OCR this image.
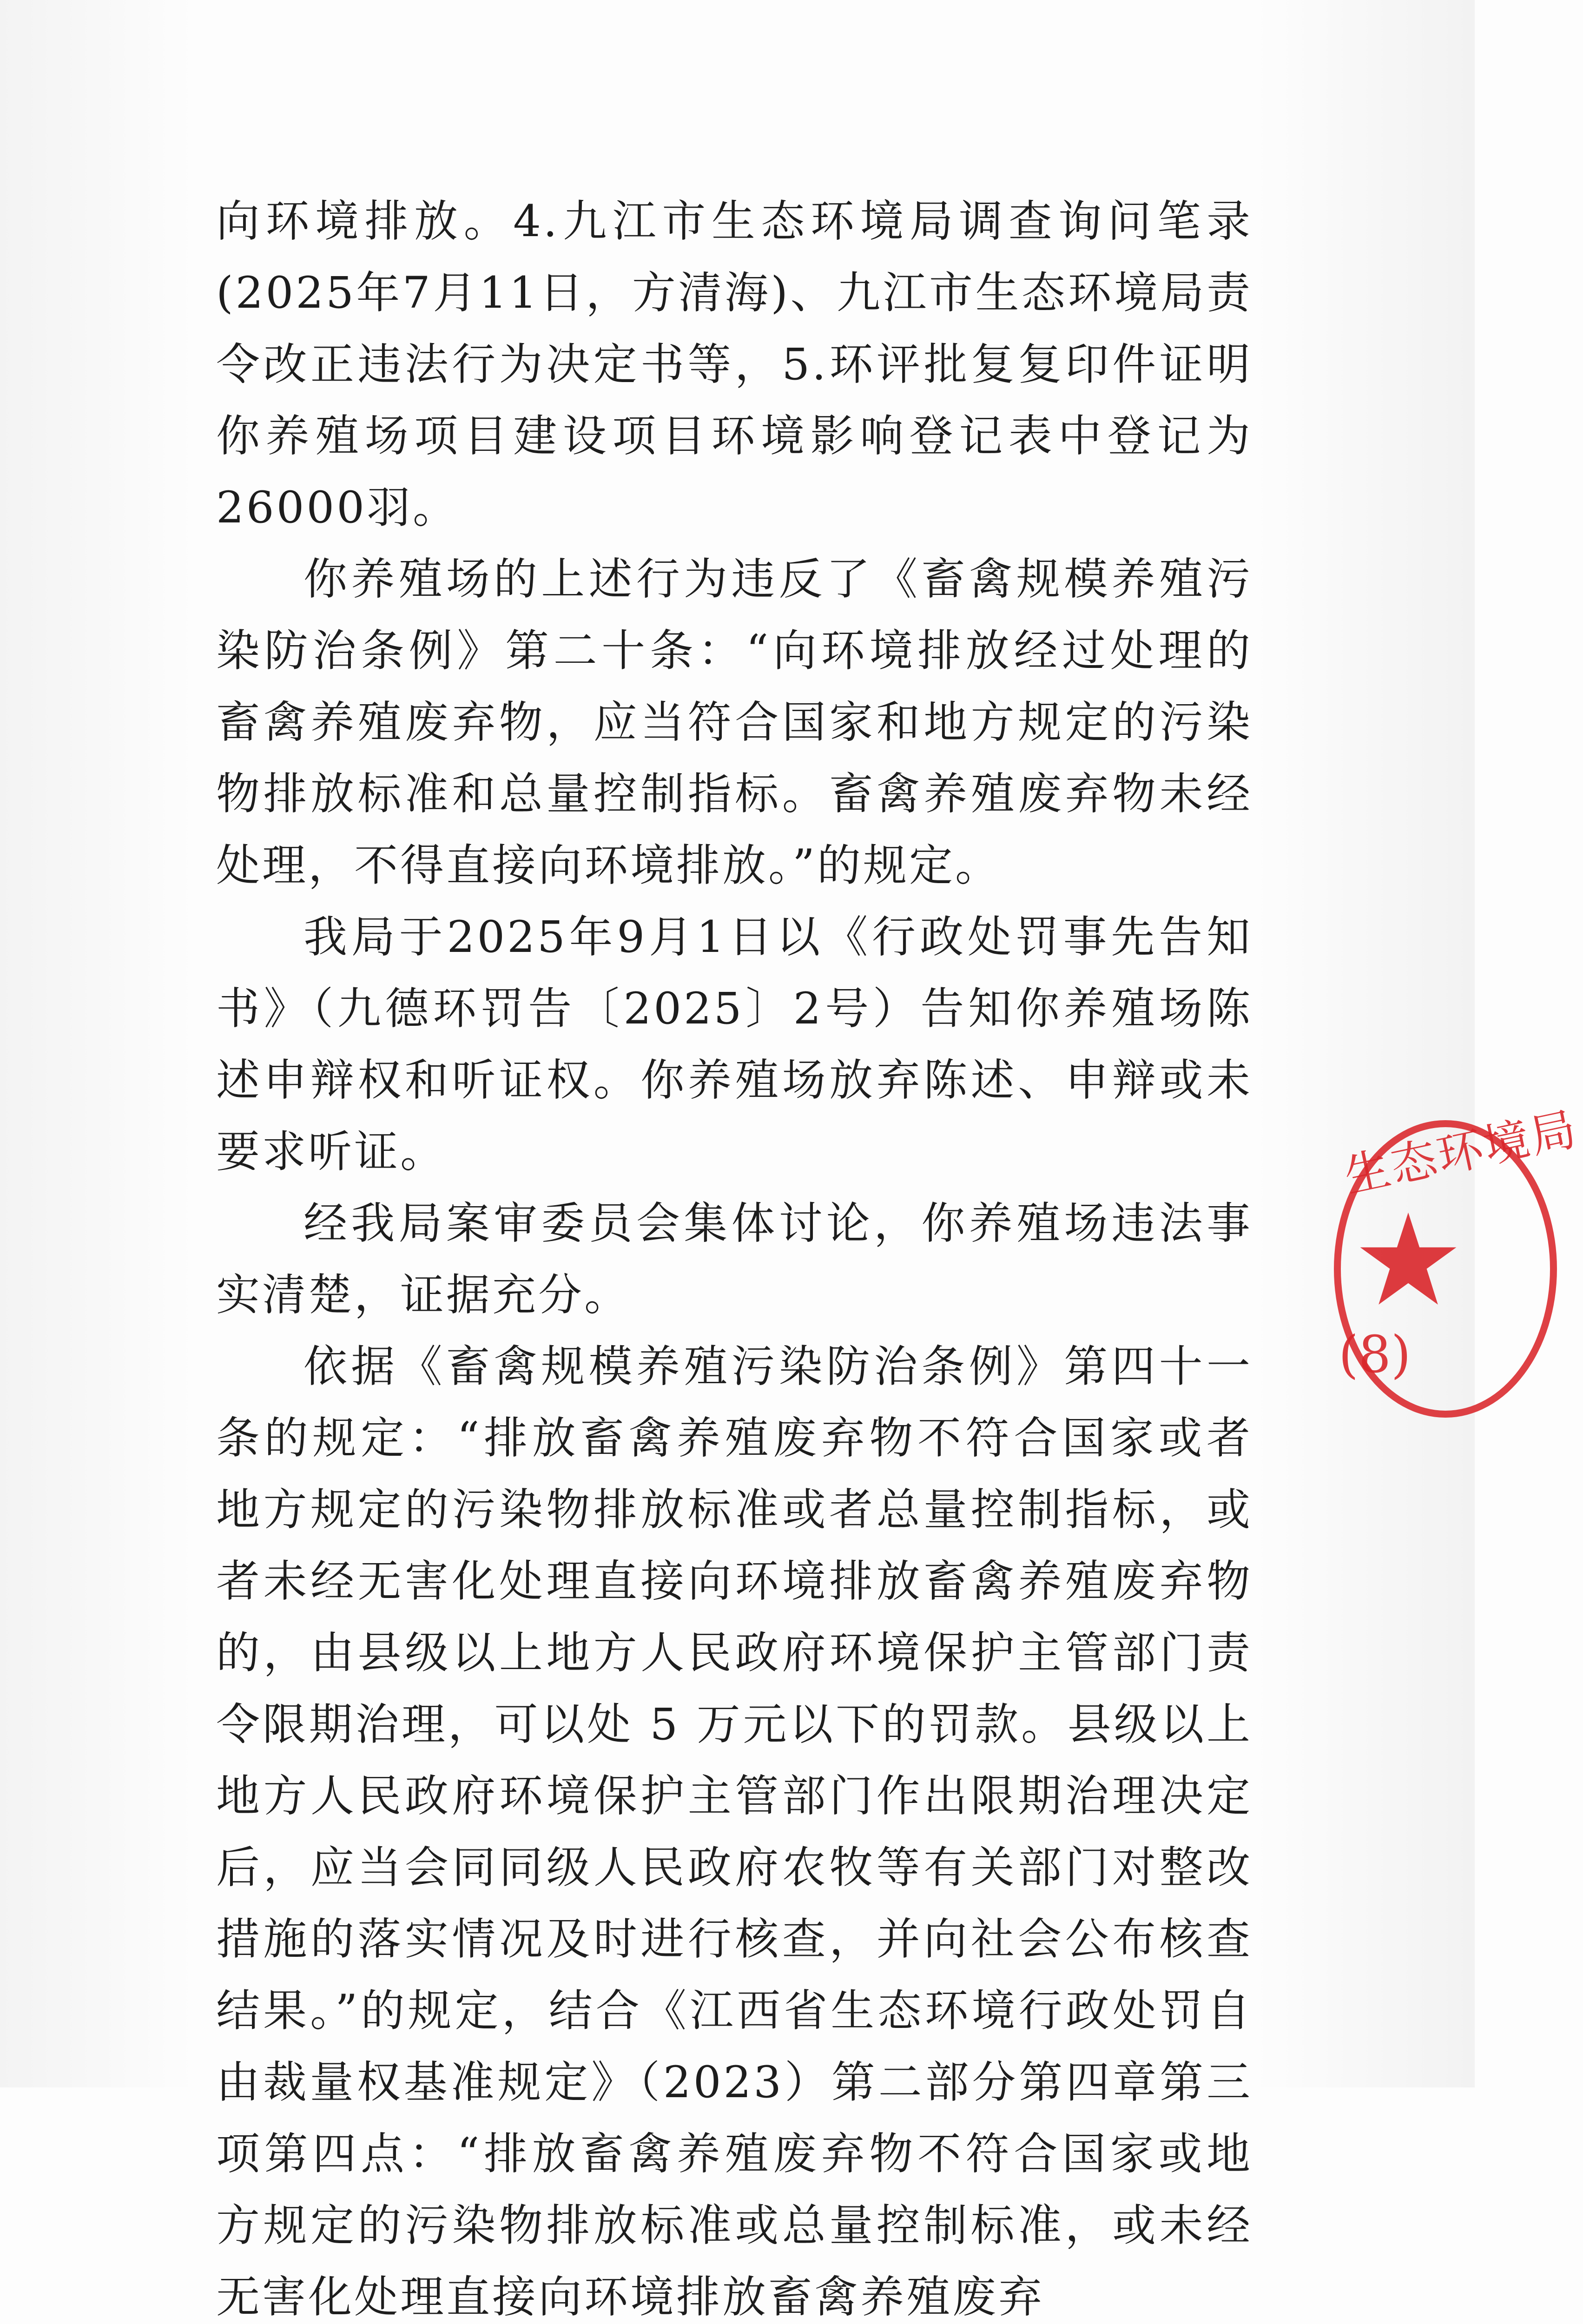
向环境排放。4.九江市生态环境局调查询问笔录(2025年7月11日，方清海)、九江市生态环境局责令改正违法行为决定书等，5.环评批复复印件证明你养殖场项目建设项目环境影响登记表中登记为26000羽。

你养殖场的上述行为违反了《畜禽规模养殖污染防治条例》第二十条：“向环境排放经过处理的畜禽养殖废弃物，应当符合国家和地方规定的污染物排放标准和总量控制指标。畜禽养殖废弃物未经处理，不得直接向环境排放。”的规定。

我局于2025年9月1日以《行政处罚事先告知书》（九德环罚告〔2025〕2号）告知你养殖场陈述申辩权和听证权。你养殖场放弃陈述、申辩或未要求听证。

经我局案审委员会集体讨论，你养殖场违法事实清楚，证据充分。

依据《畜禽规模养殖污染防治条例》第四十一条的规定：“排放畜禽养殖废弃物不符合国家或者地方规定的污染物排放标准或者总量控制指标，或者未经无害化处理直接向环境排放畜禽养殖废弃物的，由县级以上地方人民政府环境保护主管部门责令限期治理，可以处 5 万元以下的罚款。县级以上地方人民政府环境保护主管部门作出限期治理决定后，应当会同同级人民政府农牧等有关部门对整改措施的落实情况及时进行核查，并向社会公布核查结果。”的规定，结合《江西省生态环境行政处罚自由裁量权基准规定》（2023）第二部分第四章第三项第四点：“排放畜禽养殖废弃物不符合国家或地方规定的污染物排放标准或总量控制标准，或未经无害化处理直接向环境排放畜禽养殖废弃

生态环境局
(8)
